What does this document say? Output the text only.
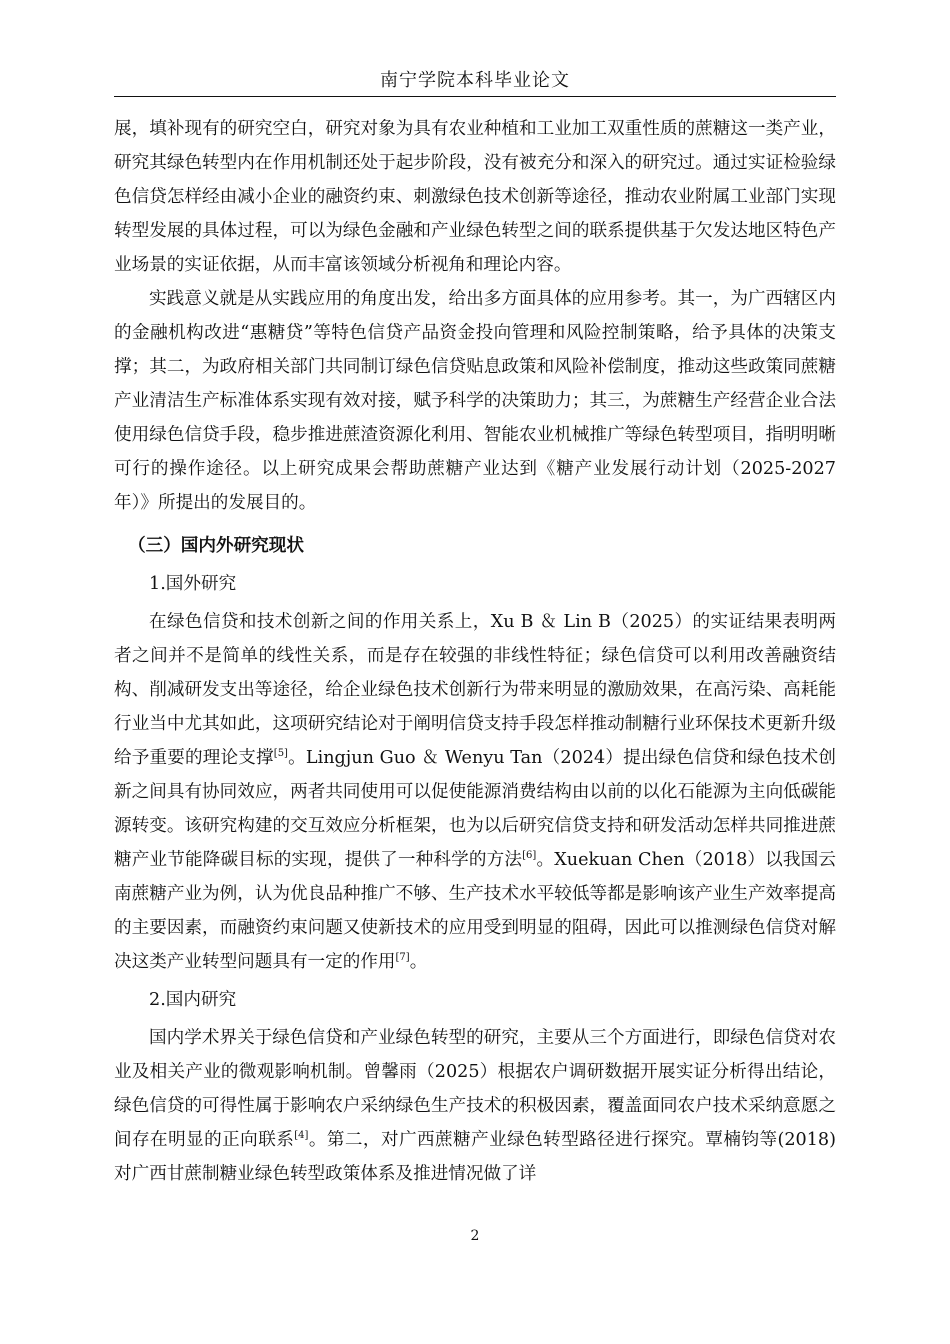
南宁学院本科毕业论文

展，填补现有的研究空白，研究对象为具有农业种植和工业加工双重性质的蔗糖这一类产业，研究其绿色转型内在作用机制还处于起步阶段，没有被充分和深入的研究过。通过实证检验绿色信贷怎样经由减小企业的融资约束、刺激绿色技术创新等途径，推动农业附属工业部门实现转型发展的具体过程，可以为绿色金融和产业绿色转型之间的联系提供基于欠发达地区特色产业场景的实证依据，从而丰富该领域分析视角和理论内容。

实践意义就是从实践应用的角度出发，给出多方面具体的应用参考。其一，为广西辖区内的金融机构改进“惠糖贷”等特色信贷产品资金投向管理和风险控制策略，给予具体的决策支撑；其二，为政府相关部门共同制订绿色信贷贴息政策和风险补偿制度，推动这些政策同蔗糖产业清洁生产标准体系实现有效对接，赋予科学的决策助力；其三，为蔗糖生产经营企业合法使用绿色信贷手段，稳步推进蔗渣资源化利用、智能农业机械推广等绿色转型项目，指明明晰可行的操作途径。以上研究成果会帮助蔗糖产业达到《糖产业发展行动计划（2025-2027年）》所提出的发展目的。

（三）国内外研究现状
1.国外研究

在绿色信贷和技术创新之间的作用关系上，Xu B ＆ Lin B（2025）的实证结果表明两者之间并不是简单的线性关系，而是存在较强的非线性特征；绿色信贷可以利用改善融资结构、削减研发支出等途径，给企业绿色技术创新行为带来明显的激励效果，在高污染、高耗能行业当中尤其如此，这项研究结论对于阐明信贷支持手段怎样推动制糖行业环保技术更新升级给予重要的理论支撑[5]。Lingjun Guo ＆ Wenyu Tan（2024）提出绿色信贷和绿色技术创新之间具有协同效应，两者共同使用可以促使能源消费结构由以前的以化石能源为主向低碳能源转变。该研究构建的交互效应分析框架，也为以后研究信贷支持和研发活动怎样共同推进蔗糖产业节能降碳目标的实现，提供了一种科学的方法[6]。Xuekuan Chen（2018）以我国云南蔗糖产业为例，认为优良品种推广不够、生产技术水平较低等都是影响该产业生产效率提高的主要因素，而融资约束问题又使新技术的应用受到明显的阻碍，因此可以推测绿色信贷对解决这类产业转型问题具有一定的作用[7]。

2.国内研究

国内学术界关于绿色信贷和产业绿色转型的研究，主要从三个方面进行，即绿色信贷对农业及相关产业的微观影响机制。曾馨雨（2025）根据农户调研数据开展实证分析得出结论，绿色信贷的可得性属于影响农户采纳绿色生产技术的积极因素，覆盖面同农户技术采纳意愿之间存在明显的正向联系[4]。第二，对广西蔗糖产业绿色转型路径进行探究。覃楠钧等(2018)对广西甘蔗制糖业绿色转型政策体系及推进情况做了详

2
